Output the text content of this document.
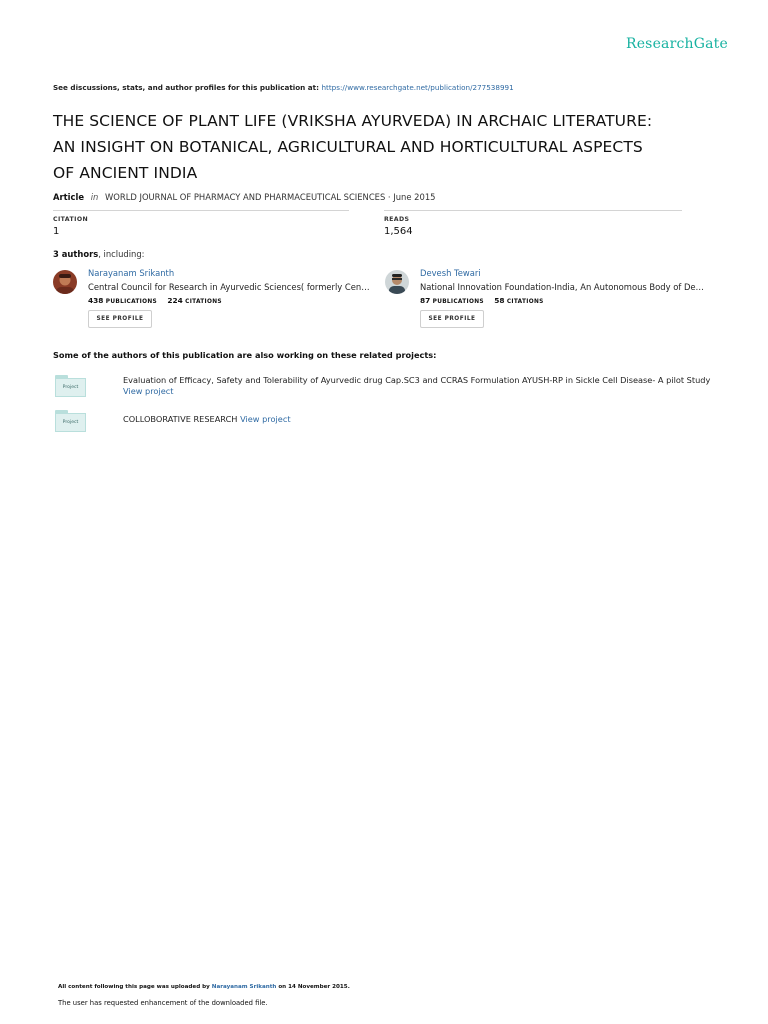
ResearchGate
See discussions, stats, and author profiles for this publication at: https://www.researchgate.net/publication/277538991
THE SCIENCE OF PLANT LIFE (VRIKSHA AYURVEDA) IN ARCHAIC LITERATURE: AN INSIGHT ON BOTANICAL, AGRICULTURAL AND HORTICULTURAL ASPECTS OF ANCIENT INDIA
Article in WORLD JOURNAL OF PHARMACY AND PHARMACEUTICAL SCIENCES · June 2015
CITATION
1
READS
1,564
3 authors, including:
Narayanam Srikanth
Central Council for Research in Ayurvedic Sciences( formerly Cen…
438 PUBLICATIONS 224 CITATIONS
SEE PROFILE
Devesh Tewari
National Innovation Foundation-India, An Autonomous Body of De…
87 PUBLICATIONS 58 CITATIONS
SEE PROFILE
Some of the authors of this publication are also working on these related projects:
Project
Evaluation of Efficacy, Safety and Tolerability of Ayurvedic drug Cap.SC3 and CCRAS Formulation AYUSH-RP in Sickle Cell Disease- A pilot Study View project
Project	COLLOBORATIVE RESEARCH View project
All content following this page was uploaded by Narayanam Srikanth on 14 November 2015.
The user has requested enhancement of the downloaded file.
